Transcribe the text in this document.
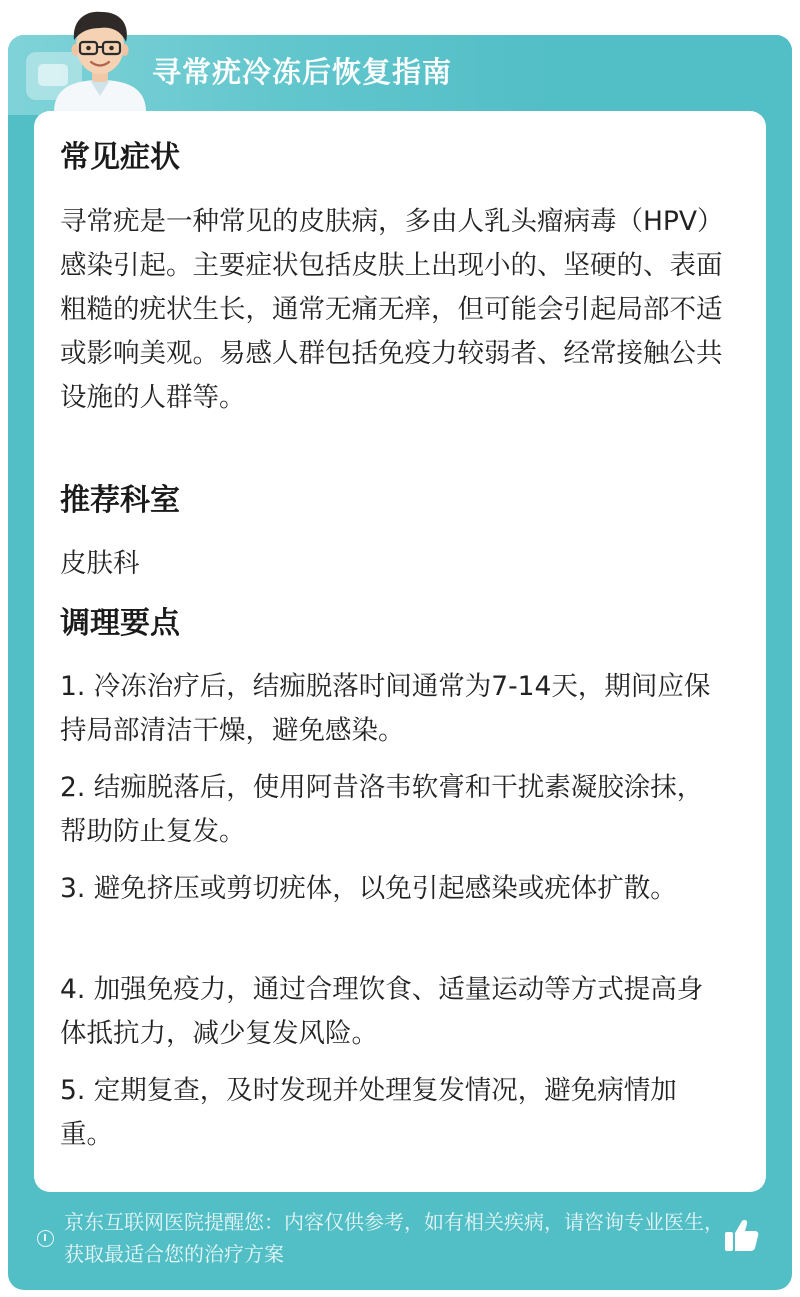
寻常疣冷冻后恢复指南
常见症状

寻常疣是一种常见的皮肤病，多由人乳头瘤病毒（HPV）感染引起。主要症状包括皮肤上出现小的、坚硬的、表面粗糙的疣状生长，通常无痛无痒，但可能会引起局部不适或影响美观。易感人群包括免疫力较弱者、经常接触公共设施的人群等。

推荐科室

皮肤科

调理要点

1. 冷冻治疗后，结痂脱落时间通常为7-14天，期间应保持局部清洁干燥，避免感染。

2. 结痂脱落后，使用阿昔洛韦软膏和干扰素凝胶涂抹，帮助防止复发。

3. 避免挤压或剪切疣体，以免引起感染或疣体扩散。

4. 加强免疫力，通过合理饮食、适量运动等方式提高身体抵抗力，减少复发风险。

5. 定期复查，及时发现并处理复发情况，避免病情加重。

京东互联网医院提醒您：内容仅供参考，如有相关疾病，请咨询专业医生，获取最适合您的治疗方案
